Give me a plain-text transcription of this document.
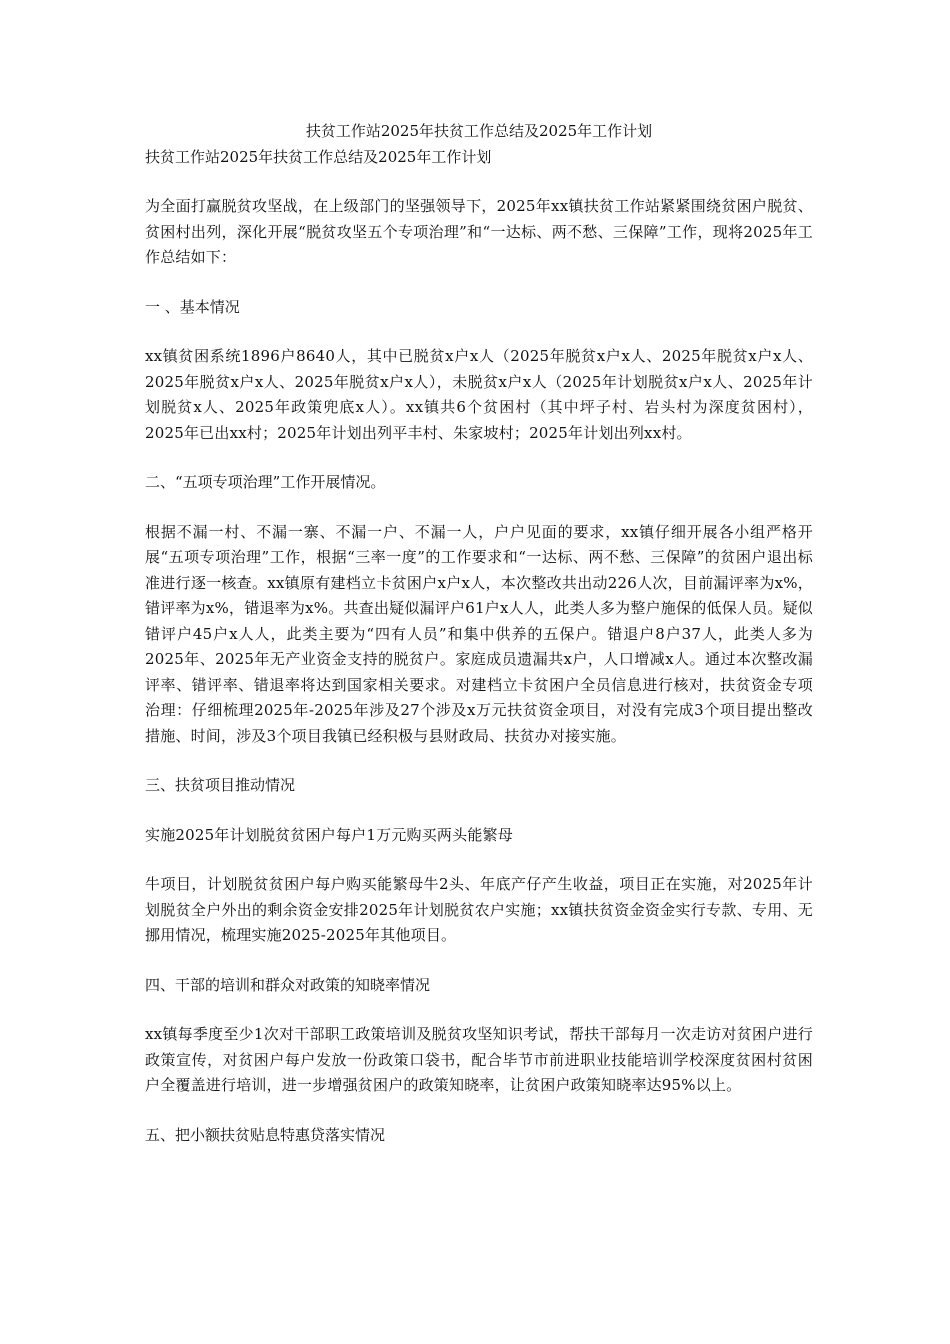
扶贫工作站2025年扶贫工作总结及2025年工作计划

扶贫工作站2025年扶贫工作总结及2025年工作计划

为全面打赢脱贫攻坚战，在上级部门的坚强领导下，2025年xx镇扶贫工作站紧紧围绕贫困户脱贫、贫困村出列，深化开展“脱贫攻坚五个专项治理”和“一达标、两不愁、三保障”工作，现将2025年工作总结如下：

一 、基本情况

xx镇贫困系统1896户8640人，其中已脱贫x户x人（2025年脱贫x户x人、2025年脱贫x户x人、2025年脱贫x户x人、2025年脱贫x户x人），未脱贫x户x人（2025年计划脱贫x户x人、2025年计划脱贫x人、2025年政策兜底x人）。xx镇共6个贫困村（其中坪子村、岩头村为深度贫困村），2025年已出xx村；2025年计划出列平丰村、朱家坡村；2025年计划出列xx村。

二、“五项专项治理”工作开展情况。

根据不漏一村、不漏一寨、不漏一户、不漏一人，户户见面的要求，xx镇仔细开展各小组严格开展“五项专项治理”工作，根据“三率一度”的工作要求和“一达标、两不愁、三保障”的贫困户退出标准进行逐一核查。xx镇原有建档立卡贫困户x户x人，本次整改共出动226人次，目前漏评率为x%，错评率为x%，错退率为x%。共查出疑似漏评户61户x人人，此类人多为整户施保的低保人员。疑似错评户45户x人人，此类主要为“四有人员”和集中供养的五保户。错退户8户37人，此类人多为2025年、2025年无产业资金支持的脱贫户。家庭成员遗漏共x户，人口增减x人。通过本次整改漏评率、错评率、错退率将达到国家相关要求。对建档立卡贫困户全员信息进行核对，扶贫资金专项治理：仔细梳理2025年-2025年涉及27个涉及x万元扶贫资金项目，对没有完成3个项目提出整改措施、时间，涉及3个项目我镇已经积极与县财政局、扶贫办对接实施。

三、扶贫项目推动情况

实施2025年计划脱贫贫困户每户1万元购买两头能繁母

牛项目，计划脱贫贫困户每户购买能繁母牛2头、年底产仔产生收益，项目正在实施，对2025年计划脱贫全户外出的剩余资金安排2025年计划脱贫农户实施；xx镇扶贫资金资金实行专款、专用、无挪用情况，梳理实施2025-2025年其他项目。

四、干部的培训和群众对政策的知晓率情况

xx镇每季度至少1次对干部职工政策培训及脱贫攻坚知识考试，帮扶干部每月一次走访对贫困户进行政策宣传，对贫困户每户发放一份政策口袋书，配合毕节市前进职业技能培训学校深度贫困村贫困户全覆盖进行培训，进一步增强贫困户的政策知晓率，让贫困户政策知晓率达95%以上。

五、把小额扶贫贴息特惠贷落实情况
